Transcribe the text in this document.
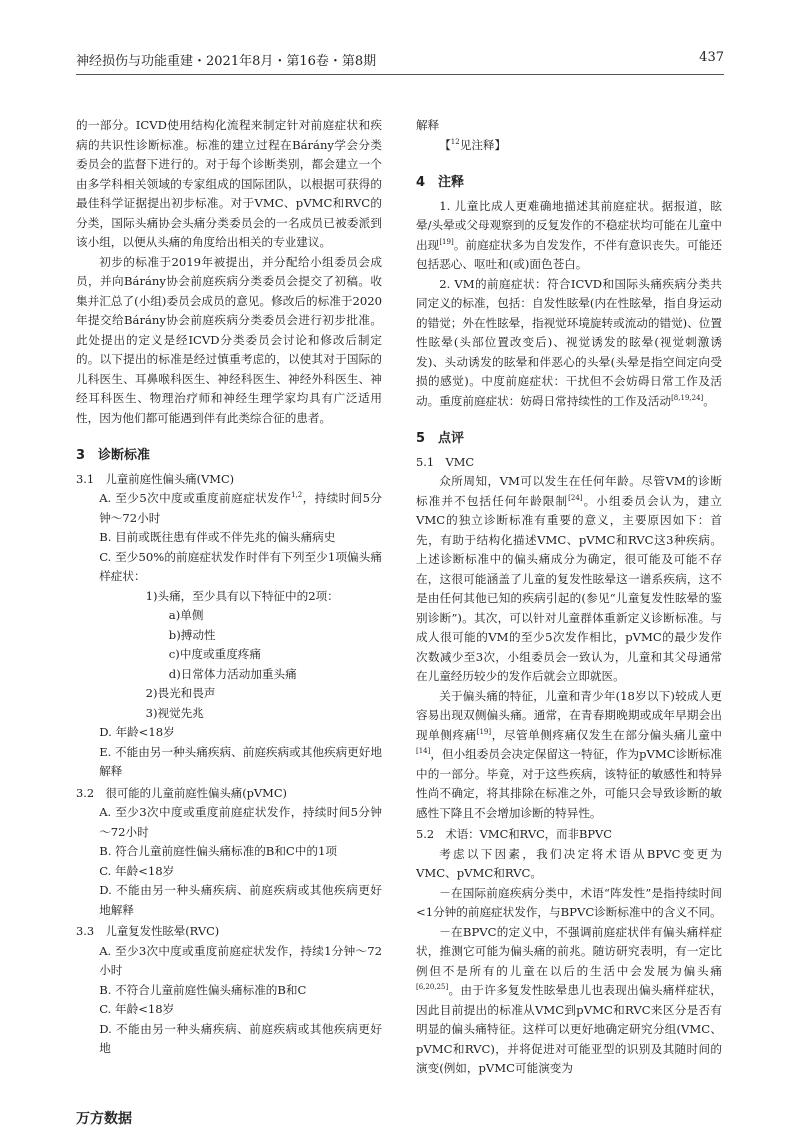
神经损伤与功能重建・2021年8月・第16卷・第8期	437

的一部分。ICVD使用结构化流程来制定针对前庭症状和疾病的共识性诊断标准。标准的建立过程在Bárány学会分类委员会的监督下进行的。对于每个诊断类别，都会建立一个由多学科相关领域的专家组成的国际团队，以根据可获得的最佳科学证据提出初步标准。对于VMC、pVMC和RVC的分类，国际头痛协会头痛分类委员会的一名成员已被委派到该小组，以便从头痛的角度给出相关的专业建议。

初步的标准于2019年被提出，并分配给小组委员会成员，并向Bárány协会前庭疾病分类委员会提交了初稿。收集并汇总了(小组)委员会成员的意见。修改后的标准于2020年提交给Bárány协会前庭疾病分类委员会进行初步批准。此处提出的定义是经ICVD分类委员会讨论和修改后制定的。以下提出的标准是经过慎重考虑的，以使其对于国际的儿科医生、耳鼻喉科医生、神经科医生、神经外科医生、神经耳科医生、物理治疗师和神经生理学家均具有广泛适用性，因为他们都可能遇到伴有此类综合征的患者。

3　诊断标准
3.1　儿童前庭性偏头痛(VMC)

A. 至少5次中度或重度前庭症状发作$^{1,2}$，持续时间5分钟～72小时

B. 目前或既往患有伴或不伴先兆的偏头痛病史

C. 至少50%的前庭症状发作时伴有下列至少1项偏头痛样症状：

1)头痛，至少具有以下特征中的2项：

a)单侧

b)搏动性

c)中度或重度疼痛

d)日常体力活动加重头痛

2)畏光和畏声

3)视觉先兆

D. 年龄<18岁

E. 不能由另一种头痛疾病、前庭疾病或其他疾病更好地解释

3.2　很可能的儿童前庭性偏头痛(pVMC)

A. 至少3次中度或重度前庭症状发作，持续时间5分钟～72小时

B. 符合儿童前庭性偏头痛标准的B和C中的1项

C. 年龄<18岁

D. 不能由另一种头痛疾病、前庭疾病或其他疾病更好地解释

3.3　儿童复发性眩晕(RVC)

A. 至少3次中度或重度前庭症状发作，持续1分钟～72小时

B. 不符合儿童前庭性偏头痛标准的B和C

C. 年龄<18岁

D. 不能由另一种头痛疾病、前庭疾病或其他疾病更好地

解释

【$^{12}$见注释】

4　注释

1. 儿童比成人更难确地描述其前庭症状。据报道，眩晕/头晕或父母观察到的反复发作的不稳症状均可能在儿童中出现[19]。前庭症状多为自发发作，不伴有意识丧失。可能还包括恶心、呕吐和(或)面色苍白。

2. VM的前庭症状：符合ICVD和国际头痛疾病分类共同定义的标准，包括：自发性眩晕(内在性眩晕，指自身运动的错觉；外在性眩晕，指视觉环境旋转或流动的错觉)、位置性眩晕(头部位置改变后)、视觉诱发的眩晕(视觉刺激诱发)、头动诱发的眩晕和伴恶心的头晕(头晕是指空间定向受损的感觉)。中度前庭症状：干扰但不会妨碍日常工作及活动。重度前庭症状：妨碍日常持续性的工作及活动[8,19,24]。

5　点评
5.1　VMC

众所周知，VM可以发生在任何年龄。尽管VM的诊断标准并不包括任何年龄限制[24]。小组委员会认为，建立VMC的独立诊断标准有重要的意义，主要原因如下：首先，有助于结构化描述VMC、pVMC和RVC这3种疾病。上述诊断标准中的偏头痛成分为确定，很可能及可能不存在，这很可能涵盖了儿童的复发性眩晕这一谱系疾病，这不是由任何其他已知的疾病引起的(参见“儿童复发性眩晕的鉴别诊断”)。其次，可以针对儿童群体重新定义诊断标准。与成人很可能的VM的至少5次发作相比，pVMC的最少发作次数减少至3次，小组委员会一致认为，儿童和其父母通常在儿童经历较少的发作后就会立即就医。

关于偏头痛的特征，儿童和青少年(18岁以下)较成人更容易出现双侧偏头痛。通常，在青春期晚期或成年早期会出现单侧疼痛[19]，尽管单侧疼痛仅发生在部分偏头痛儿童中[14]，但小组委员会决定保留这一特征，作为pVMC诊断标准中的一部分。毕竟，对于这些疾病，该特征的敏感性和特异性尚不确定，将其排除在标准之外，可能只会导致诊断的敏感性下降且不会增加诊断的特异性。

5.2　术语：VMC和RVC，而非BPVC

考虑以下因素，我们决定将术语从BPVC变更为VMC、pVMC和RVC。

－在国际前庭疾病分类中，术语“阵发性”是指持续时间<1分钟的前庭症状发作，与BPVC诊断标准中的含义不同。

－在BPVC的定义中，不强调前庭症状伴有偏头痛样症状，推测它可能为偏头痛的前兆。随访研究表明，有一定比例但不是所有的儿童在以后的生活中会发展为偏头痛[6,20,25]。由于许多复发性眩晕患儿也表现出偏头痛样症状，因此目前提出的标准从VMC到pVMC和RVC来区分是否有明显的偏头痛特征。这样可以更好地确定研究分组(VMC、pVMC和RVC)，并将促进对可能亚型的识别及其随时间的演变(例如，pVMC可能演变为

万方数据
